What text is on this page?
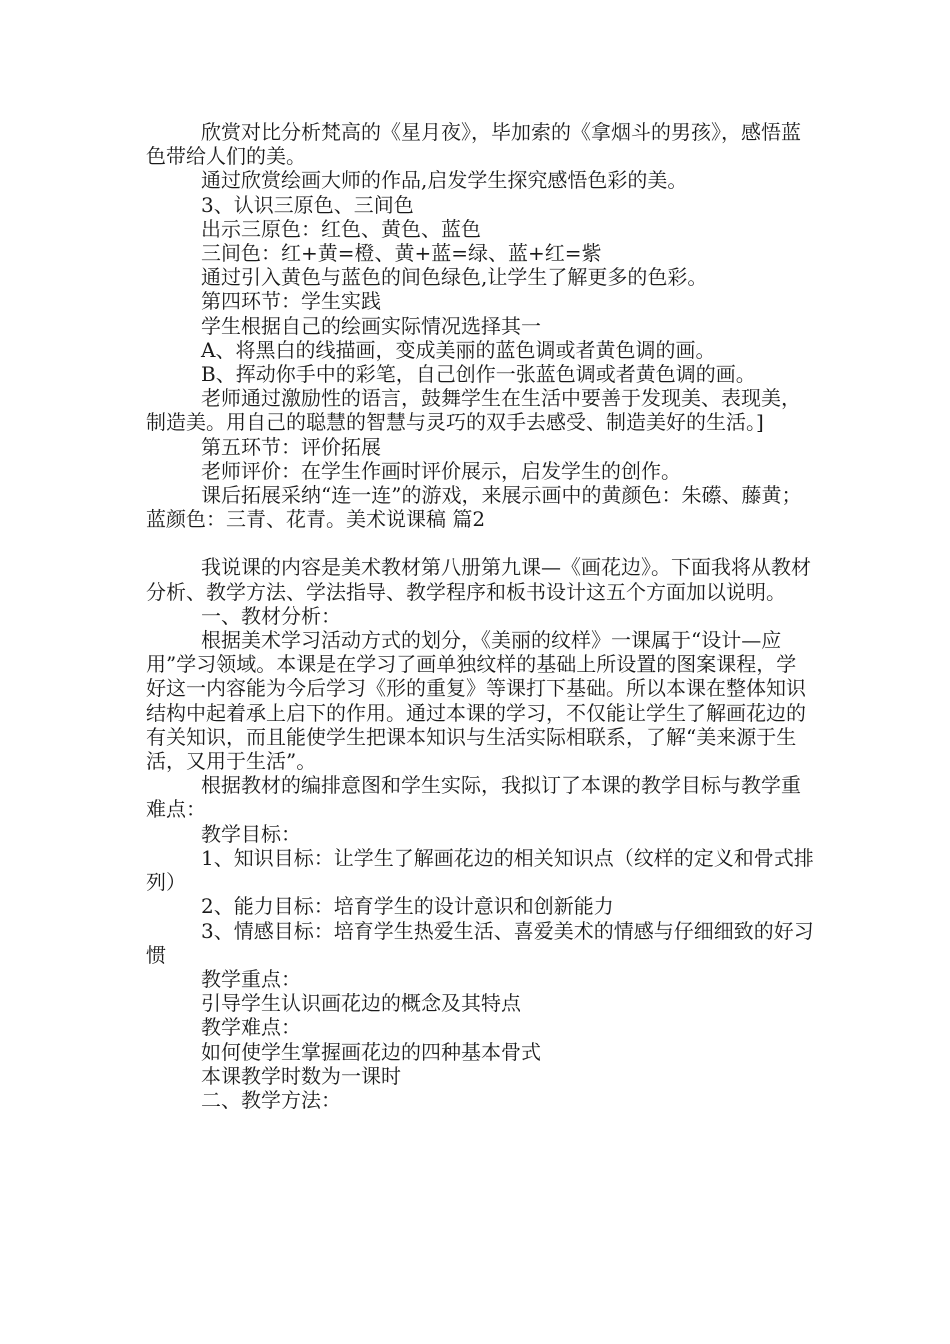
欣赏对比分析梵高的《星月夜》，毕加索的《拿烟斗的男孩》，感悟蓝色带给人们的美。

通过欣赏绘画大师的作品,启发学生探究感悟色彩的美。

3、认识三原色、三间色

出示三原色：红色、黄色、蓝色

三间色：红+黄=橙、黄+蓝=绿、蓝+红=紫

通过引入黄色与蓝色的间色绿色,让学生了解更多的色彩。

第四环节：学生实践

学生根据自己的绘画实际情况选择其一

A、将黑白的线描画，变成美丽的蓝色调或者黄色调的画。

B、挥动你手中的彩笔，自己创作一张蓝色调或者黄色调的画。

老师通过激励性的语言，鼓舞学生在生活中要善于发现美、表现美，制造美。用自己的聪慧的智慧与灵巧的双手去感受、制造美好的生活。]

第五环节：评价拓展

老师评价：在学生作画时评价展示，启发学生的创作。

课后拓展采纳“连一连”的游戏，来展示画中的黄颜色：朱礤、藤黄；蓝颜色：三青、花青。美术说课稿 篇2

我说课的内容是美术教材第八册第九课—《画花边》。下面我将从教材分析、教学方法、学法指导、教学程序和板书设计这五个方面加以说明。

一、教材分析：

根据美术学习活动方式的划分，《美丽的纹样》一课属于“设计—应用”学习领域。本课是在学习了画单独纹样的基础上所设置的图案课程，学好这一内容能为今后学习《形的重复》等课打下基础。所以本课在整体知识结构中起着承上启下的作用。通过本课的学习，不仅能让学生了解画花边的有关知识，而且能使学生把课本知识与生活实际相联系，了解“美来源于生活，又用于生活”。

根据教材的编排意图和学生实际，我拟订了本课的教学目标与教学重难点：

教学目标：

1、知识目标：让学生了解画花边的相关知识点（纹样的定义和骨式排列）

2、能力目标：培育学生的设计意识和创新能力

3、情感目标：培育学生热爱生活、喜爱美术的情感与仔细细致的好习惯

教学重点：

引导学生认识画花边的概念及其特点

教学难点：

如何使学生掌握画花边的四种基本骨式

本课教学时数为一课时

二、教学方法：
